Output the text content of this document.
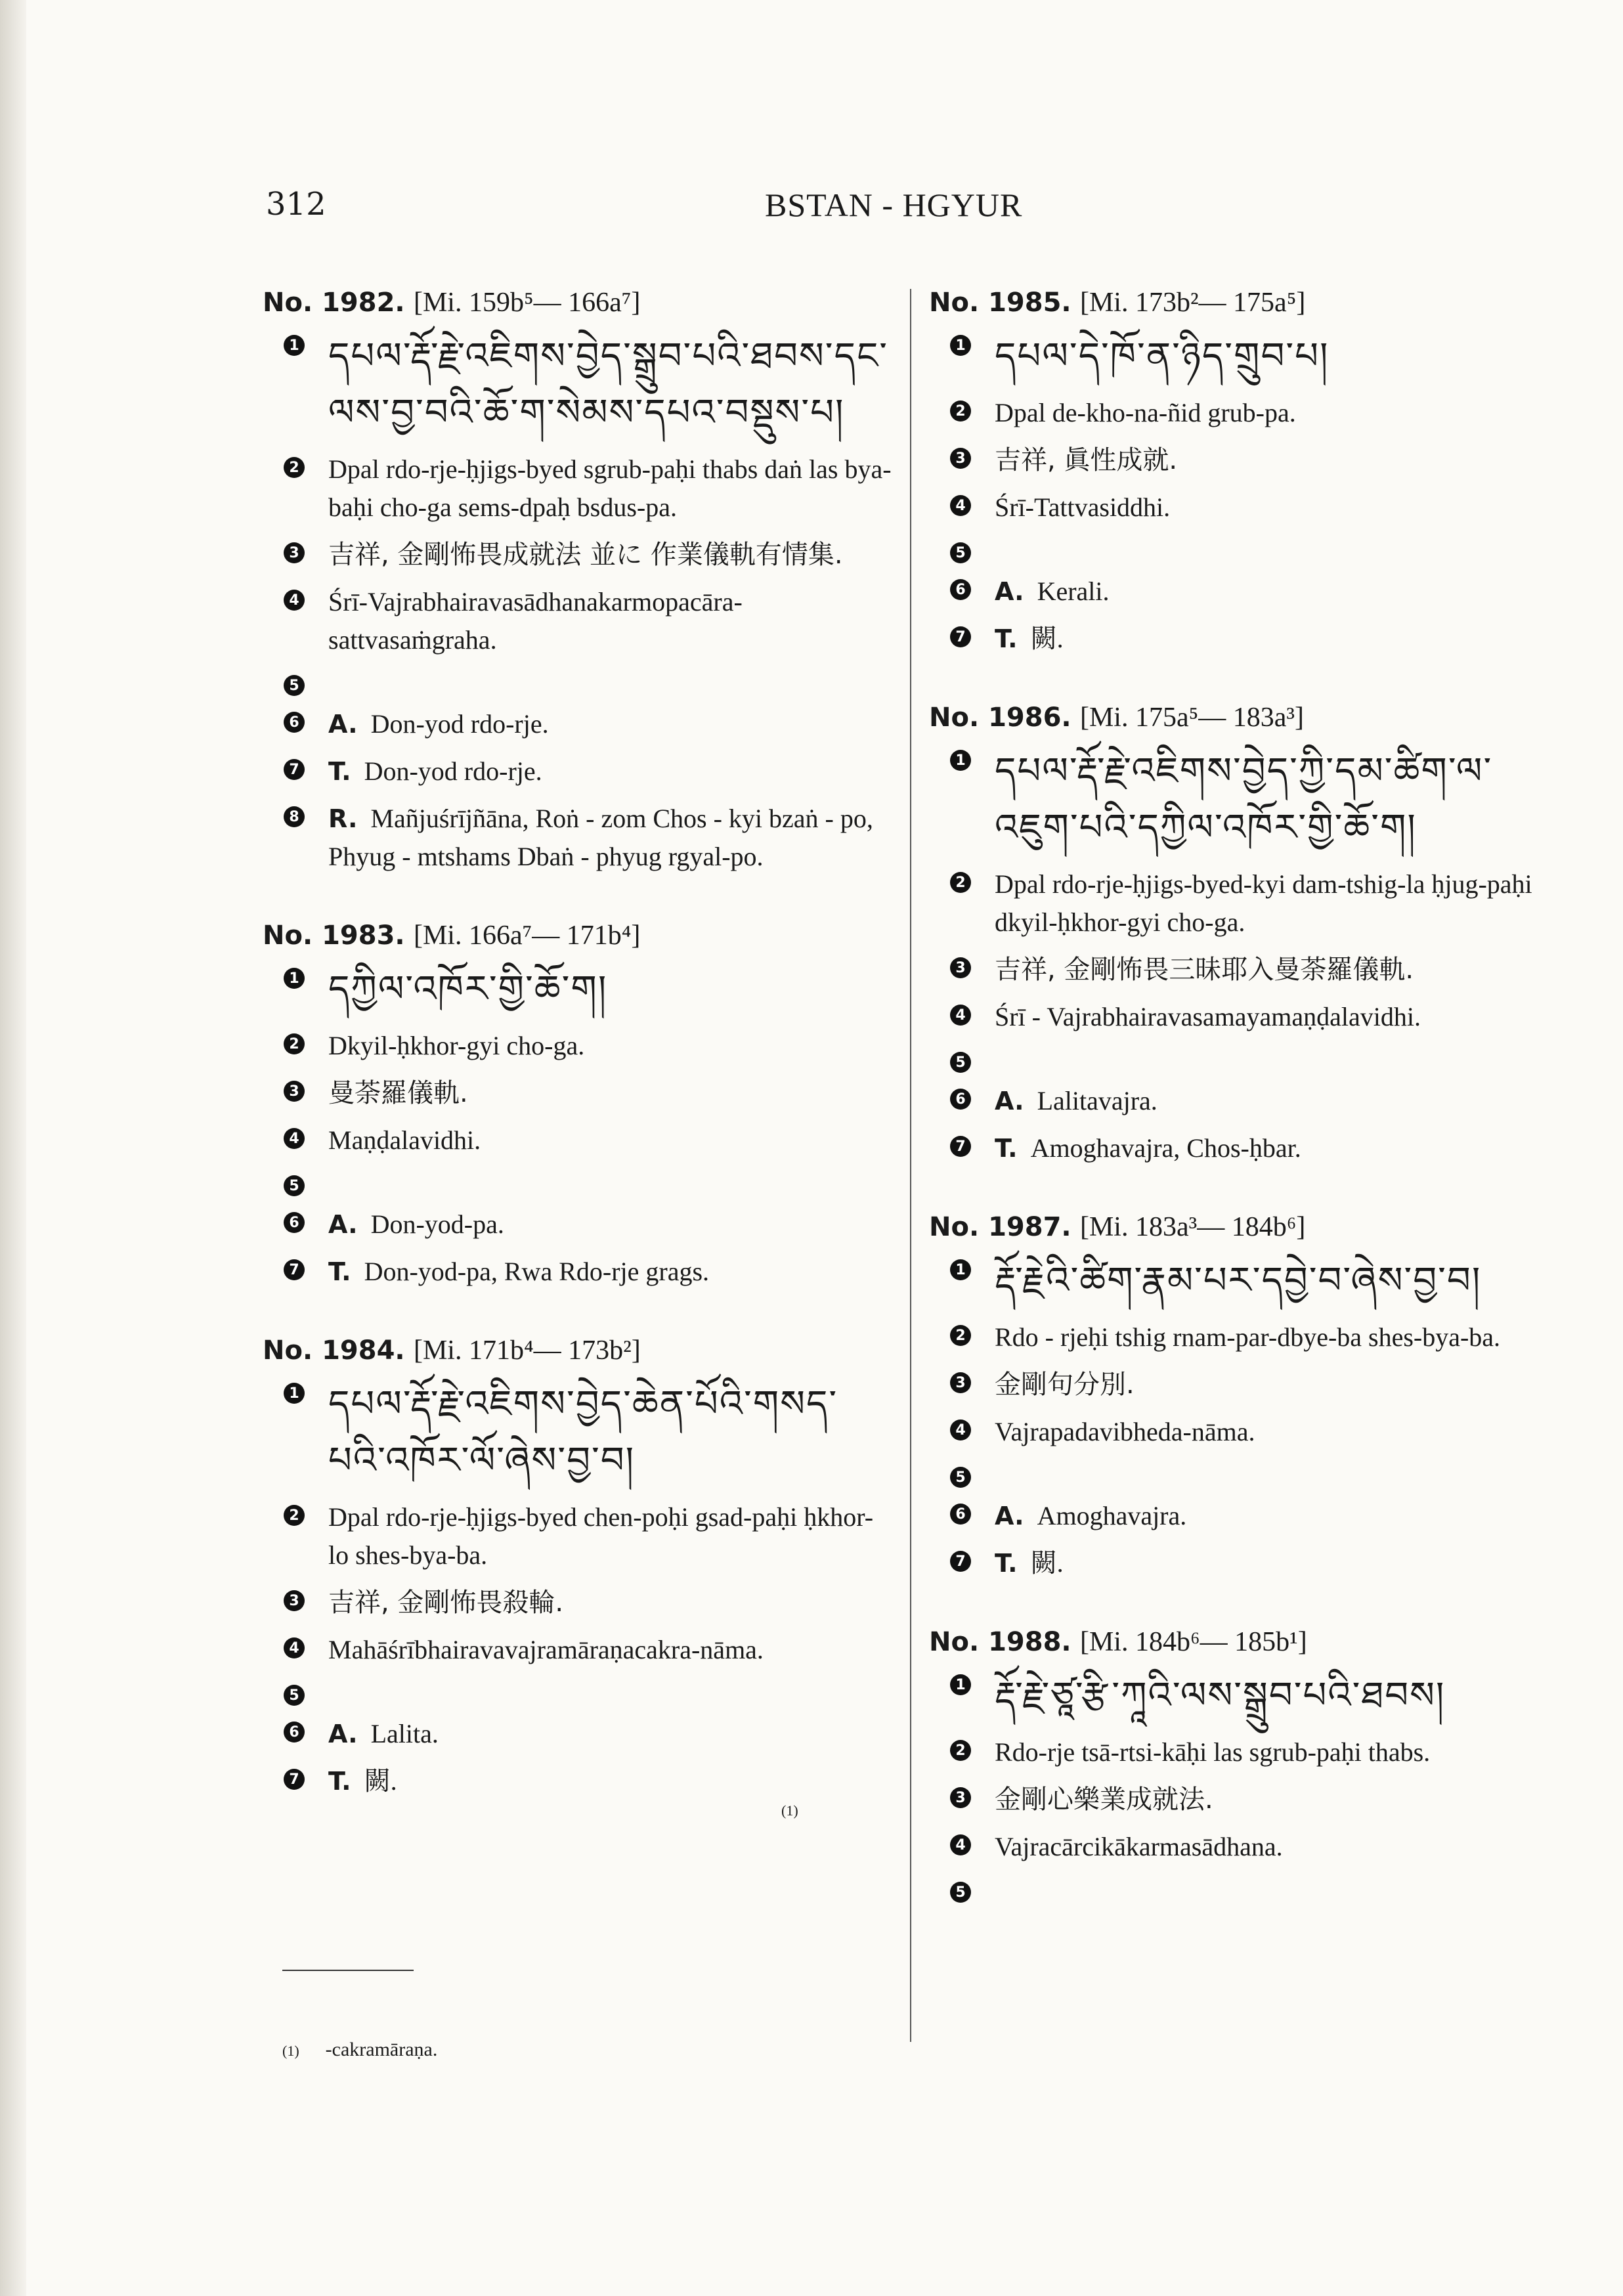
312	BSTAN - HGYUR
No. 1982. [Mi. 159b⁵— 166a⁷]
1 དཔལ་རྡོ་རྗེ་འཇིགས་བྱེད་སྒྲུབ་པའི་ཐབས་དང་ལས་བྱ་བའི་ཆོ་ག་སེམས་དཔའ་བསྡུས་པ།
2 Dpal rdo-rje-ḥjigs-byed sgrub-paḥi thabs daṅ las bya-baḥi cho-ga sems-dpaḥ bsdus-pa.
3 吉祥, 金剛怖畏成就法 並に 作業儀軌有情集.
4 Śrī-Vajrabhairavasādhanakarmopacāra-sattvasaṁgraha.
5
6 A. Don-yod rdo-rje.
7 T. Don-yod rdo-rje.
8 R. Mañjuśrījñāna, Roṅ - zom Chos - kyi bzaṅ - po, Phyug - mtshams Dbaṅ - phyug rgyal-po.
No. 1983. [Mi. 166a⁷— 171b⁴]
1 དཀྱིལ་འཁོར་གྱི་ཆོ་ག།
2 Dkyil-ḥkhor-gyi cho-ga.
3 曼荼羅儀軌.
4 Maṇḍalavidhi.
5
6 A. Don-yod-pa.
7 T. Don-yod-pa, Rwa Rdo-rje grags.
No. 1984. [Mi. 171b⁴— 173b²]
1 དཔལ་རྡོ་རྗེ་འཇིགས་བྱེད་ཆེན་པོའི་གསད་པའི་འཁོར་ལོ་ཞེས་བྱ་བ།
2 Dpal rdo-rje-ḥjigs-byed chen-poḥi gsad-paḥi ḥkhor-lo shes-bya-ba.
3 吉祥, 金剛怖畏殺輪.
4 Mahāśrībhairavavajramāraṇacakra-nāma.
5
6 A. Lalita.
7 T. 闕.
No. 1985. [Mi. 173b²— 175a⁵]
1 དཔལ་དེ་ཁོ་ན་ཉིད་གྲུབ་པ།
2 Dpal de-kho-na-ñid grub-pa.
3 吉祥, 眞性成就.
4 Śrī-Tattvasiddhi.
5
6 A. Kerali.
7 T. 闕.
No. 1986. [Mi. 175a⁵— 183a³]
1 དཔལ་རྡོ་རྗེ་འཇིགས་བྱེད་ཀྱི་དམ་ཚིག་ལ་འཇུག་པའི་དཀྱིལ་འཁོར་གྱི་ཆོ་ག།
2 Dpal rdo-rje-ḥjigs-byed-kyi dam-tshig-la ḥjug-paḥi dkyil-ḥkhor-gyi cho-ga.
3 吉祥, 金剛怖畏三昧耶入曼荼羅儀軌.
4 Śrī - Vajrabhairavasamayamaṇḍalavidhi.
5
6 A. Lalitavajra.
7 T. Amoghavajra, Chos-ḥbar.
No. 1987. [Mi. 183a³— 184b⁶]
1 རྡོ་རྗེའི་ཚིག་རྣམ་པར་དབྱེ་བ་ཞེས་བྱ་བ།
2 Rdo - rjeḥi tshig rnam-par-dbye-ba shes-bya-ba.
3 金剛句分別.
4 Vajrapadavibheda-nāma.
5
6 A. Amoghavajra.
7 T. 闕.
No. 1988. [Mi. 184b⁶— 185b¹]
1 རྡོ་རྗེ་ཙཱ་རྩི་ཀཱའི་ལས་སྒྲུབ་པའི་ཐབས།
2 Rdo-rje tsā-rtsi-kāḥi las sgrub-paḥi thabs.
3 金剛心樂業成就法.
4 Vajracārcikākarmasādhana.
5
(1)
(1) -cakramāraṇa.
